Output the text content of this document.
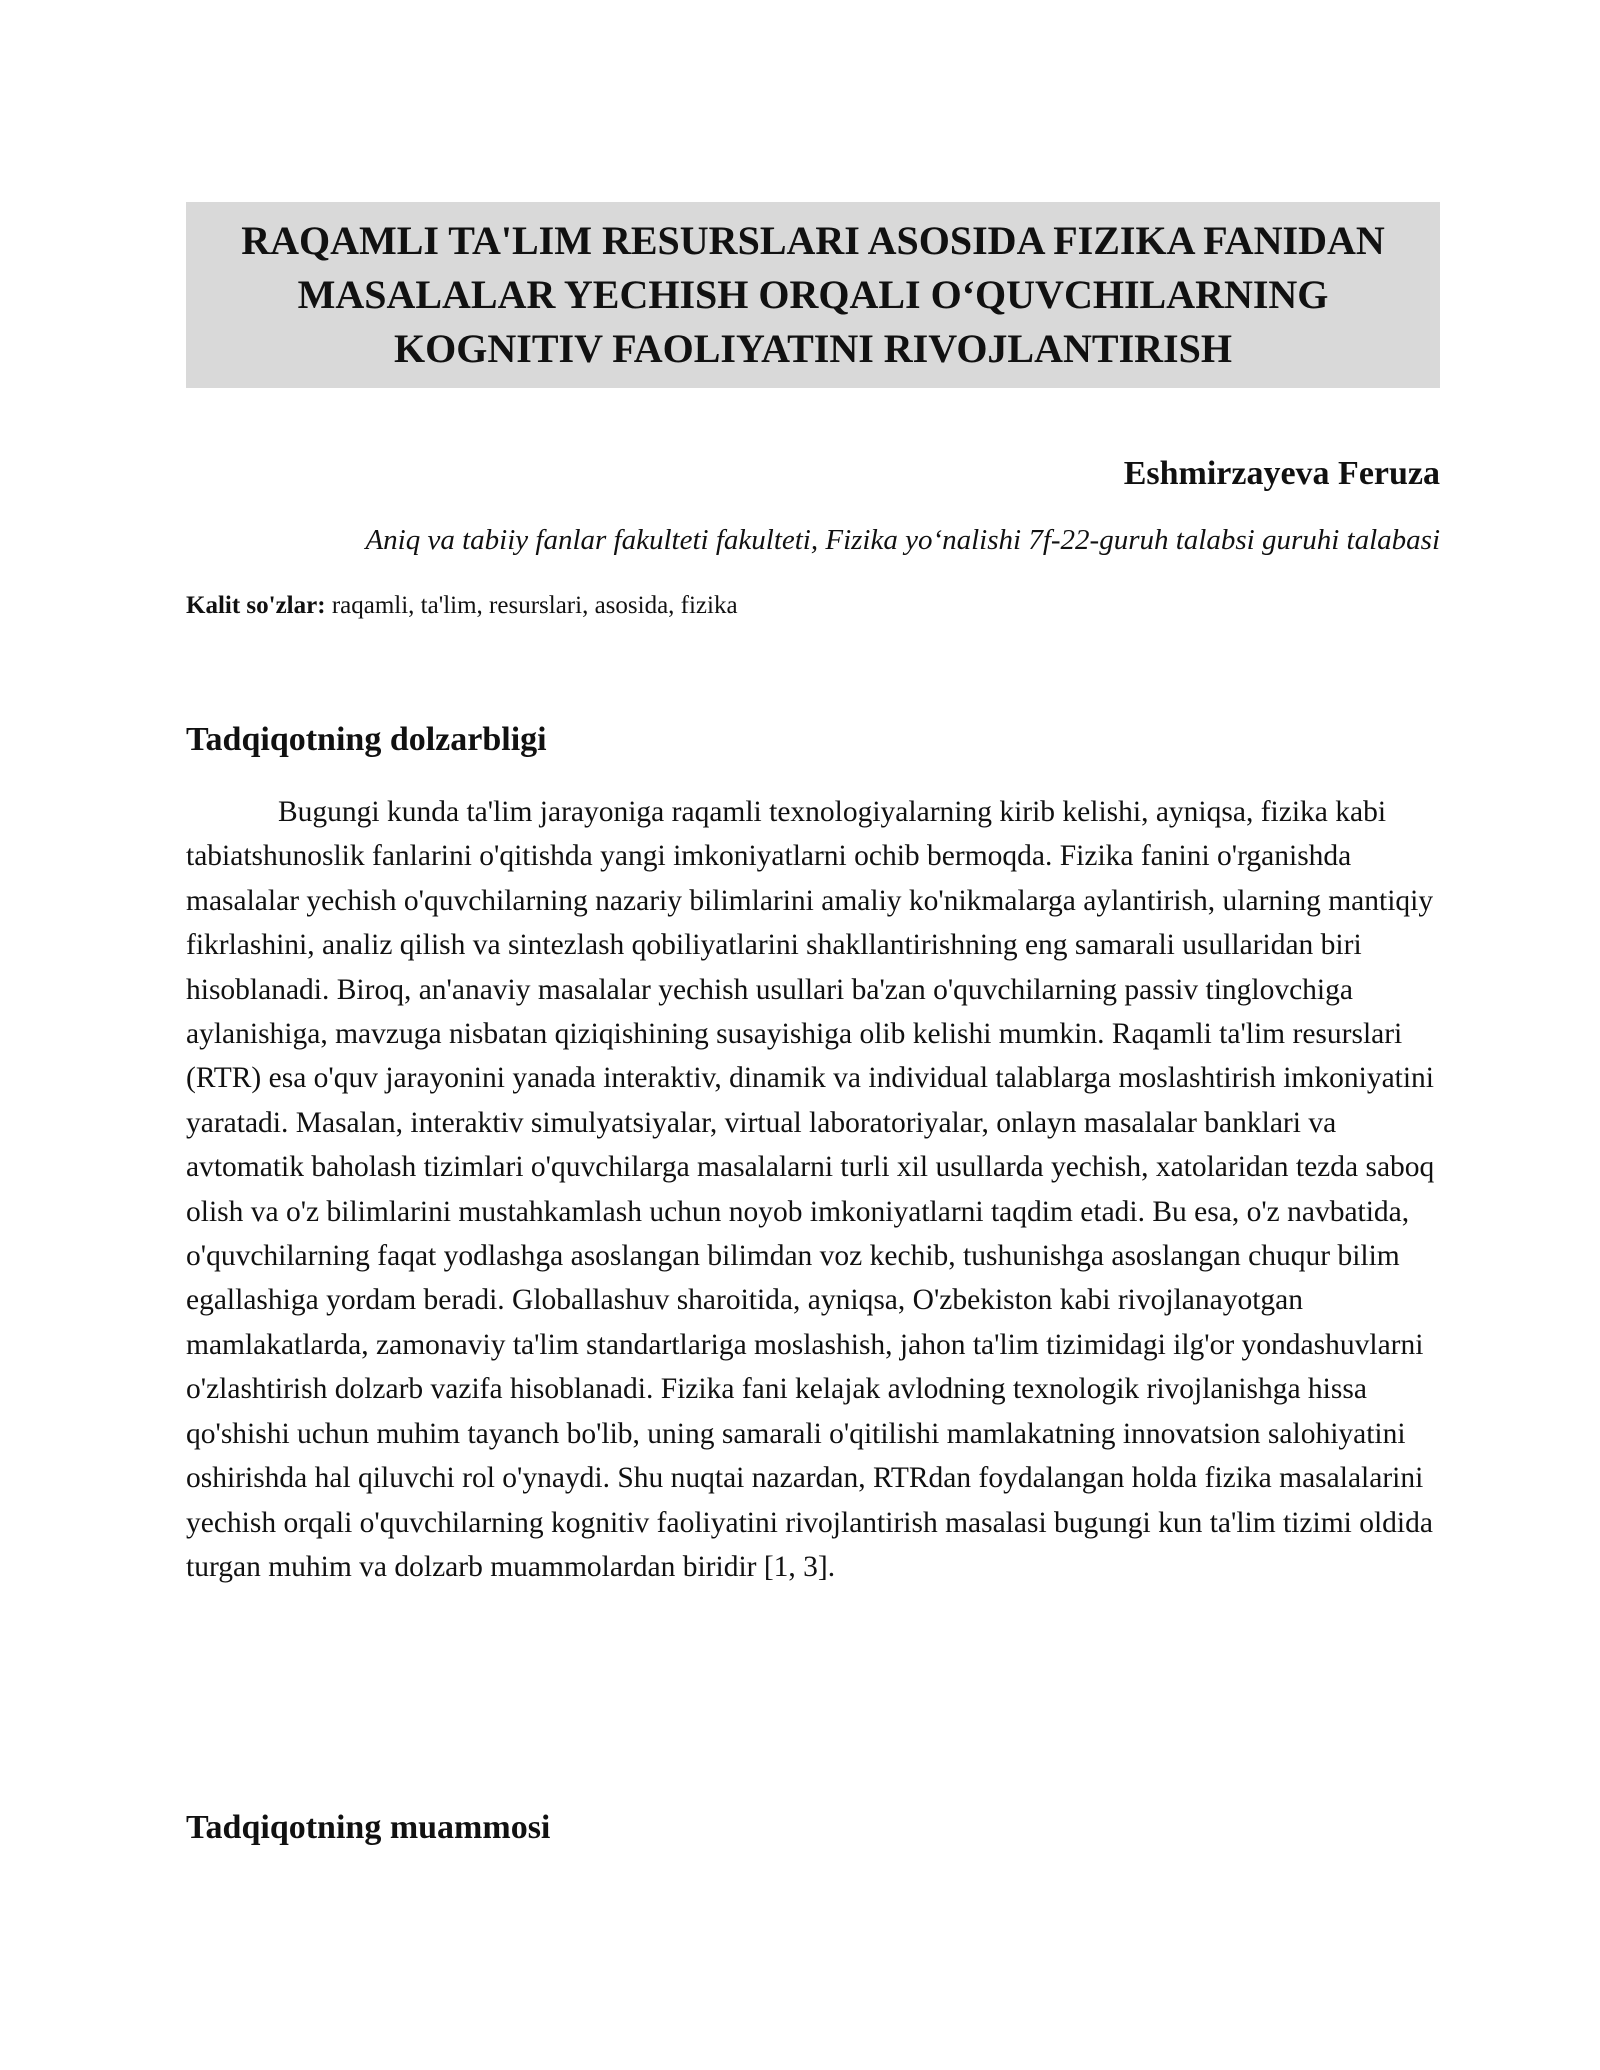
RAQAMLI TA'LIM RESURSLARI ASOSIDA FIZIKA FANIDAN MASALALAR YECHISH ORQALI O‘QUVCHILARNING KOGNITIV FAOLIYATINI RIVOJLANTIRISH

Eshmirzayeva Feruza

Aniq va tabiiy fanlar fakulteti fakulteti, Fizika yo‘nalishi 7f-22-guruh talabsi guruhi talabasi

Kalit so'zlar: raqamli, ta'lim, resurslari, asosida, fizika

Tadqiqotning dolzarbligi

Bugungi kunda ta'lim jarayoniga raqamli texnologiyalarning kirib kelishi, ayniqsa, fizika kabi tabiatshunoslik fanlarini o'qitishda yangi imkoniyatlarni ochib bermoqda. Fizika fanini o'rganishda masalalar yechish o'quvchilarning nazariy bilimlarini amaliy ko'nikmalarga aylantirish, ularning mantiqiy fikrlashini, analiz qilish va sintezlash qobiliyatlarini shakllantirishning eng samarali usullaridan biri hisoblanadi. Biroq, an'anaviy masalalar yechish usullari ba'zan o'quvchilarning passiv tinglovchiga aylanishiga, mavzuga nisbatan qiziqishining susayishiga olib kelishi mumkin. Raqamli ta'lim resurslari (RTR) esa o'quv jarayonini yanada interaktiv, dinamik va individual talablarga moslashtirish imkoniyatini yaratadi. Masalan, interaktiv simulyatsiyalar, virtual laboratoriyalar, onlayn masalalar banklari va avtomatik baholash tizimlari o'quvchilarga masalalarni turli xil usullarda yechish, xatolaridan tezda saboq olish va o'z bilimlarini mustahkamlash uchun noyob imkoniyatlarni taqdim etadi. Bu esa, o'z navbatida, o'quvchilarning faqat yodlashga asoslangan bilimdan voz kechib, tushunishga asoslangan chuqur bilim egallashiga yordam beradi. Globallashuv sharoitida, ayniqsa, O'zbekiston kabi rivojlanayotgan mamlakatlarda, zamonaviy ta'lim standartlariga moslashish, jahon ta'lim tizimidagi ilg'or yondashuvlarni o'zlashtirish dolzarb vazifa hisoblanadi. Fizika fani kelajak avlodning texnologik rivojlanishga hissa qo'shishi uchun muhim tayanch bo'lib, uning samarali o'qitilishi mamlakatning innovatsion salohiyatini oshirishda hal qiluvchi rol o'ynaydi. Shu nuqtai nazardan, RTRdan foydalangan holda fizika masalalarini yechish orqali o'quvchilarning kognitiv faoliyatini rivojlantirish masalasi bugungi kun ta'lim tizimi oldida turgan muhim va dolzarb muammolardan biridir [1, 3].

Tadqiqotning muammosi
